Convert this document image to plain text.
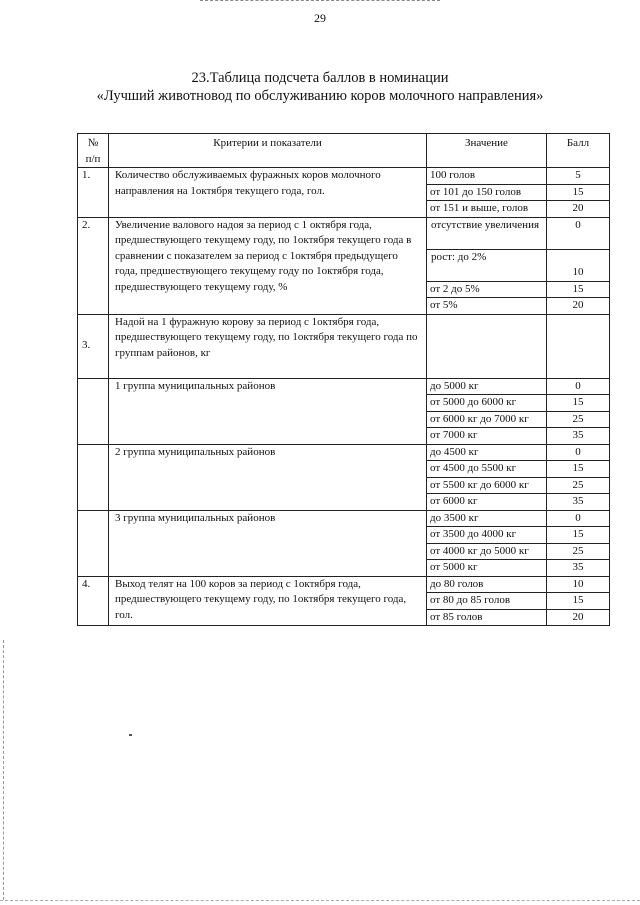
29
23.Таблица подсчета баллов в номинации
«Лучший животновод по обслуживанию коров молочного направления»
№ п/п	Критерии и показатели	Значение	Балл
1.	Количество обслуживаемых фуражных коров молочного направления на 1октября текущего года, гол.	100 голов	5
		от 101 до 150 голов	15
		от 151 и выше, голов	20
2.	Увеличение валового надоя за период с 1 октября года, предшествующего текущему году, по 1октября текущего года в сравнении с показателем за период с 1октября предыдущего года, предшествующего текущему году по 1октября года, предшествующего текущему году, %	отсутствие увеличения	0
		рост: до 2%	10
		от 2 до 5%	15
		от 5%	20
3.	Надой на 1 фуражную корову за период с 1октября года, предшествующего текущему году, по 1октября текущего года по группам районов, кг		
	1 группа муниципальных районов	до 5000 кг	0
		от 5000 до 6000 кг	15
		от 6000 кг до 7000 кг	25
		от 7000 кг	35
	2 группа муниципальных районов	до 4500 кг	0
		от 4500 до 5500 кг	15
		от 5500 кг до 6000 кг	25
		от 6000 кг	35
	3 группа муниципальных районов	до 3500 кг	0
		от 3500 до 4000 кг	15
		от 4000 кг до 5000 кг	25
		от 5000 кг	35
4.	Выход телят на 100 коров за период с 1октября года, предшествующего текущему году, по 1октября текущего года, гол.	до 80 голов	10
		от 80 до 85 голов	15
		от 85 голов	20
